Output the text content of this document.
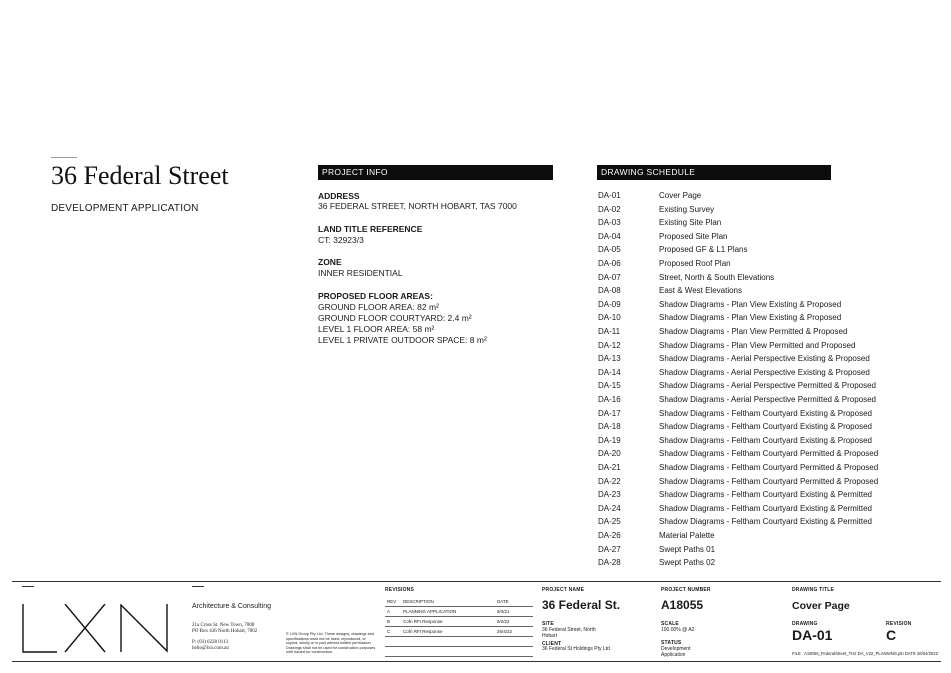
36 Federal Street
DEVELOPMENT APPLICATION
PROJECT INFO
ADDRESS
36 FEDERAL STREET, NORTH HOBART, TAS 7000
LAND TITLE REFERENCE
CT: 32923/3
ZONE
INNER RESIDENTIAL
PROPOSED FLOOR AREAS:
GROUND FLOOR AREA: 82 m²
GROUND FLOOR COURTYARD: 2.4 m²
LEVEL 1 FLOOR AREA: 58 m²
LEVEL 1 PRIVATE OUTDOOR SPACE: 8 m²
DRAWING SCHEDULE
DA-01	Cover Page
DA-02	Existing Survey
DA-03	Existing Site Plan
DA-04	Proposed Site Plan
DA-05	Proposed GF & L1 Plans
DA-06	Proposed Roof Plan
DA-07	Street, North & South Elevations
DA-08	East & West Elevations
DA-09	Shadow Diagrams - Plan View Existing & Proposed
DA-10	Shadow Diagrams - Plan View Existing & Proposed
DA-11	Shadow Diagrams - Plan View Permitted & Proposed
DA-12	Shadow Diagrams - Plan View Permitted and Proposed
DA-13	Shadow Diagrams - Aerial Perspective Existing & Proposed
DA-14	Shadow Diagrams - Aerial Perspective Existing & Proposed
DA-15	Shadow Diagrams - Aerial Perspective Permitted & Proposed
DA-16	Shadow Diagrams - Aerial Perspective Permitted & Proposed
DA-17	Shadow Diagrams - Feltham Courtyard Existing & Proposed
DA-18	Shadow Diagrams - Feltham Courtyard Existing & Proposed
DA-19	Shadow Diagrams - Feltham Courtyard Existing & Proposed
DA-20	Shadow Diagrams - Feltham Courtyard Permitted & Proposed
DA-21	Shadow Diagrams - Feltham Courtyard Permitted & Proposed
DA-22	Shadow Diagrams - Feltham Courtyard Permitted & Proposed
DA-23	Shadow Diagrams - Feltham Courtyard Existing & Permitted
DA-24	Shadow Diagrams - Feltham Courtyard Existing & Permitted
DA-25	Shadow Diagrams - Feltham Courtyard Existing & Permitted
DA-26	Material Palette
DA-27	Swept Paths 01
DA-28	Swept Paths 02
Architecture & Consulting
21a Cross St. New Town, 7008
PO Box 436 North Hobart, 7002
P: (03) 6228 0113
hello@lxn.com.au
© LXN Group Pty. Ltd. These designs, drawings and specifications must not be used, reproduced, or copied, wholly or in part without written permission. Drawings shall not be used for construction purposes until issued for construction.
REVISIONS
REV	DESCRIPTION	DATE
A	PLANNING APPLICATION	9/3/21
B	Cofri RFI Response	8/2/22
C	Cofri RFI Response	26/4/22

PROJECT NAME
36 Federal St.
SITE
36 Federal Street, North Hobart
CLIENT
36 Federal St Holdings Pty Ltd
PROJECT NUMBER
A18055
SCALE
100.00% @ A2
STATUS
Development Application
DRAWING TITLE
Cover Page
DRAWING
DA-01
REVISION
C
FILE A18055_FederalStreet_TH2 DA_V22_PLANNING.pln DATE 26/04/2022
